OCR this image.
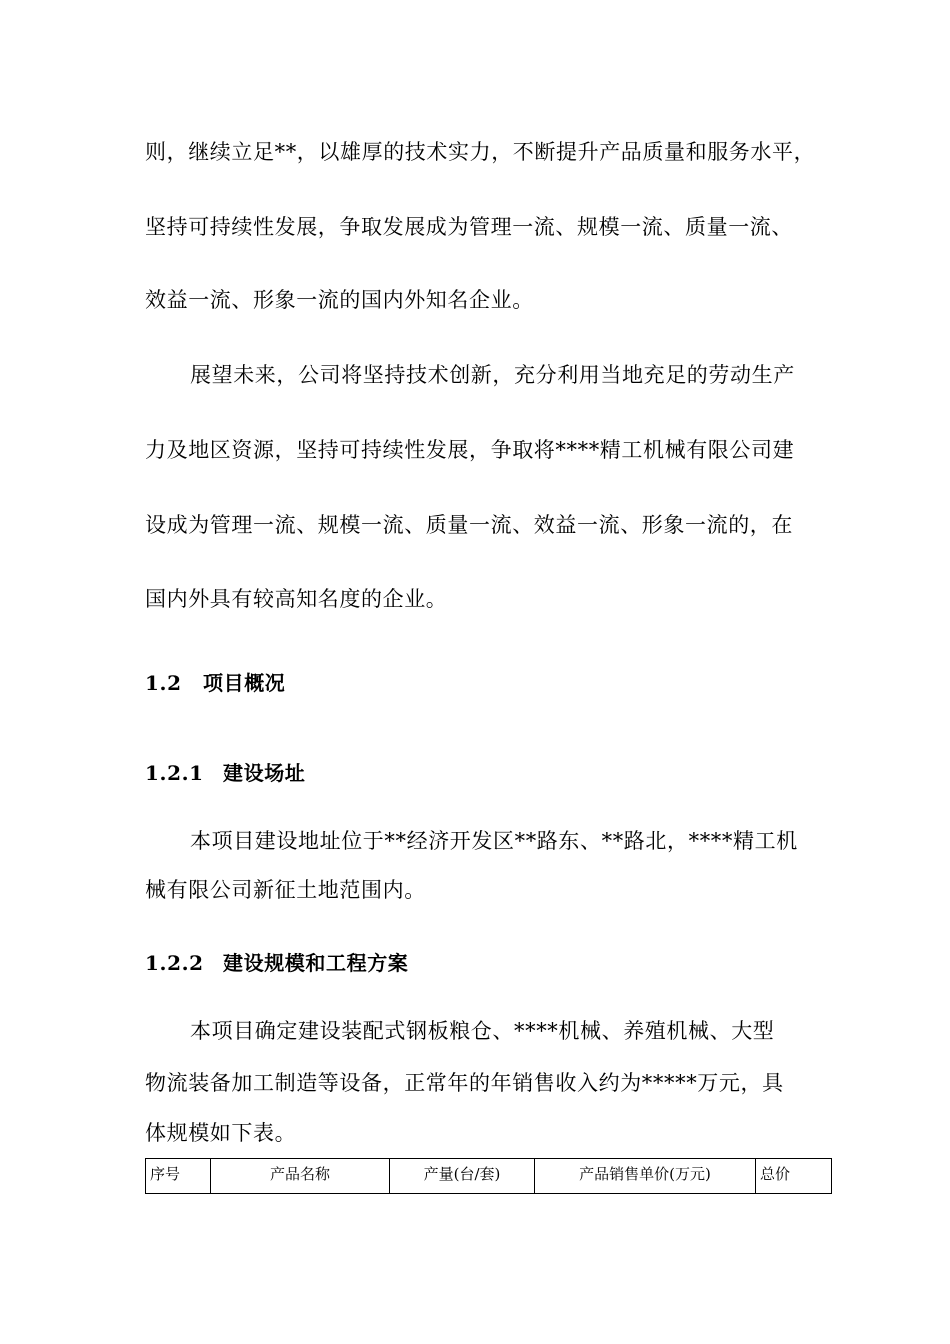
则，继续立足**，以雄厚的技术实力，不断提升产品质量和服务水平，
坚持可持续性发展，争取发展成为管理一流、规模一流、质量一流、
效益一流、形象一流的国内外知名企业。
展望未来，公司将坚持技术创新，充分利用当地充足的劳动生产
力及地区资源，坚持可持续性发展，争取将****精工机械有限公司建
设成为管理一流、规模一流、质量一流、效益一流、形象一流的，在
国内外具有较高知名度的企业。
1.2 项目概况
1.2.1 建设场址
本项目建设地址位于**经济开发区**路东、**路北，****精工机
械有限公司新征土地范围内。
1.2.2 建设规模和工程方案
本项目确定建设装配式钢板粮仓、****机械、养殖机械、大型
物流装备加工制造等设备，正常年的年销售收入约为*****万元，具
体规模如下表。
序号	产品名称	产量(台/套)	产品销售单价(万元)	总价
